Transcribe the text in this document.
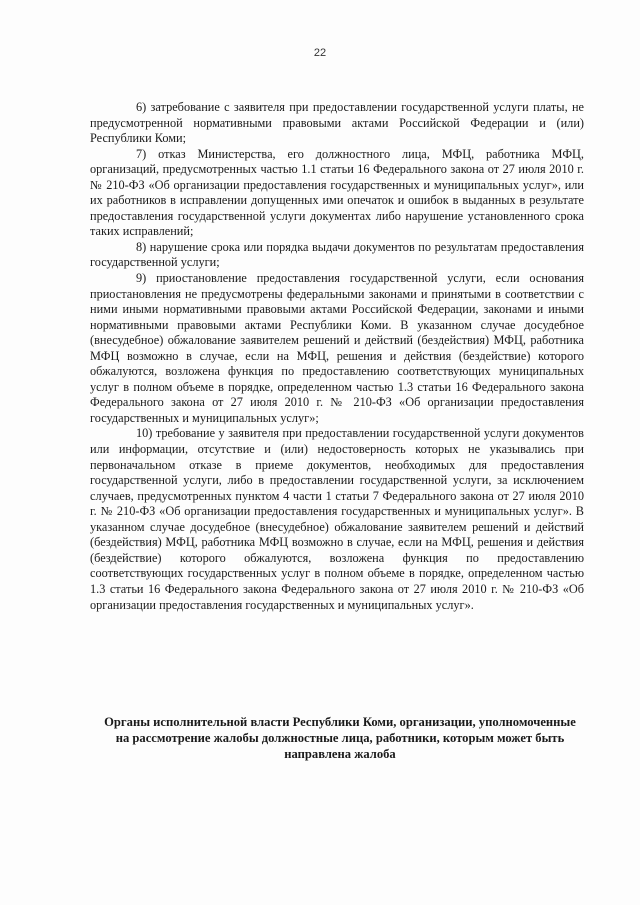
22

6) затребование с заявителя при предоставлении государственной услуги платы, не предусмотренной нормативными правовыми актами Российской Федерации и (или) Республики Коми;

7) отказ Министерства, его должностного лица, МФЦ, работника МФЦ, организаций, предусмотренных частью 1.1 статьи 16 Федерального закона от 27 июля 2010 г. № 210-ФЗ «Об организации предоставления государственных и муниципальных услуг», или их работников в исправлении допущенных ими опечаток и ошибок в выданных в результате предоставления государственной услуги документах либо нарушение установленного срока таких исправлений;

8) нарушение срока или порядка выдачи документов по результатам предоставления государственной услуги;

9) приостановление предоставления государственной услуги, если основания приостановления не предусмотрены федеральными законами и принятыми в соответствии с ними иными нормативными правовыми актами Российской Федерации, законами и иными нормативными правовыми актами Республики Коми. В указанном случае досудебное (внесудебное) обжалование заявителем решений и действий (бездействия) МФЦ, работника МФЦ возможно в случае, если на МФЦ, решения и действия (бездействие) которого обжалуются, возложена функция по предоставлению соответствующих муниципальных услуг в полном объеме в порядке, определенном частью 1.3 статьи 16 Федерального закона Федерального закона от 27 июля 2010 г. № 210-ФЗ «Об организации предоставления государственных и муниципальных услуг»;

10) требование у заявителя при предоставлении государственной услуги документов или информации, отсутствие и (или) недостоверность которых не указывались при первоначальном отказе в приеме документов, необходимых для предоставления государственной услуги, либо в предоставлении государственной услуги, за исключением случаев, предусмотренных пунктом 4 части 1 статьи 7 Федерального закона от 27 июля 2010 г. № 210-ФЗ «Об организации предоставления государственных и муниципальных услуг». В указанном случае досудебное (внесудебное) обжалование заявителем решений и действий (бездействия) МФЦ, работника МФЦ возможно в случае, если на МФЦ, решения и действия (бездействие) которого обжалуются, возложена функция по предоставлению соответствующих государственных услуг в полном объеме в порядке, определенном частью 1.3 статьи 16 Федерального закона Федерального закона от 27 июля 2010 г. № 210-ФЗ «Об организации предоставления государственных и муниципальных услуг».

Органы исполнительной власти Республики Коми, организации, уполномоченные на рассмотрение жалобы должностные лица, работники, которым может быть направлена жалоба
